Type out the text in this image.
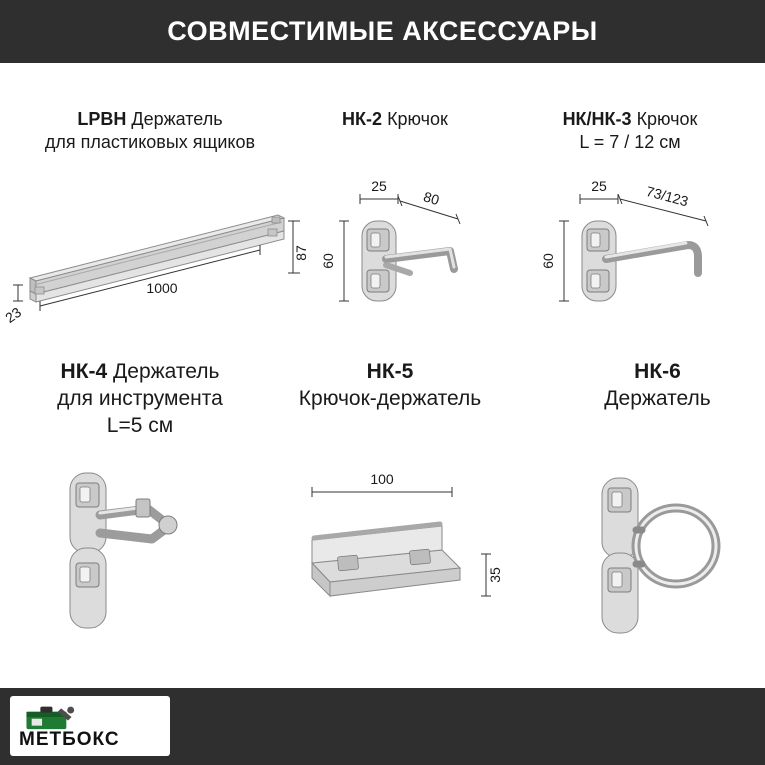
СОВМЕСТИМЫЕ АКСЕССУАРЫ
LPBH Держатель
для пластиковых ящиков
87
1000
23
НК-2 Крючок
25
80
60
НК/НК-3 Крючок
L = 7 / 12 см
25	73/123
60
НК-4 Держатель
для инструмента
L=5 см
НК-5
Крючок-держатель
100
35
НК-6
Держатель
МЕТБОКС
